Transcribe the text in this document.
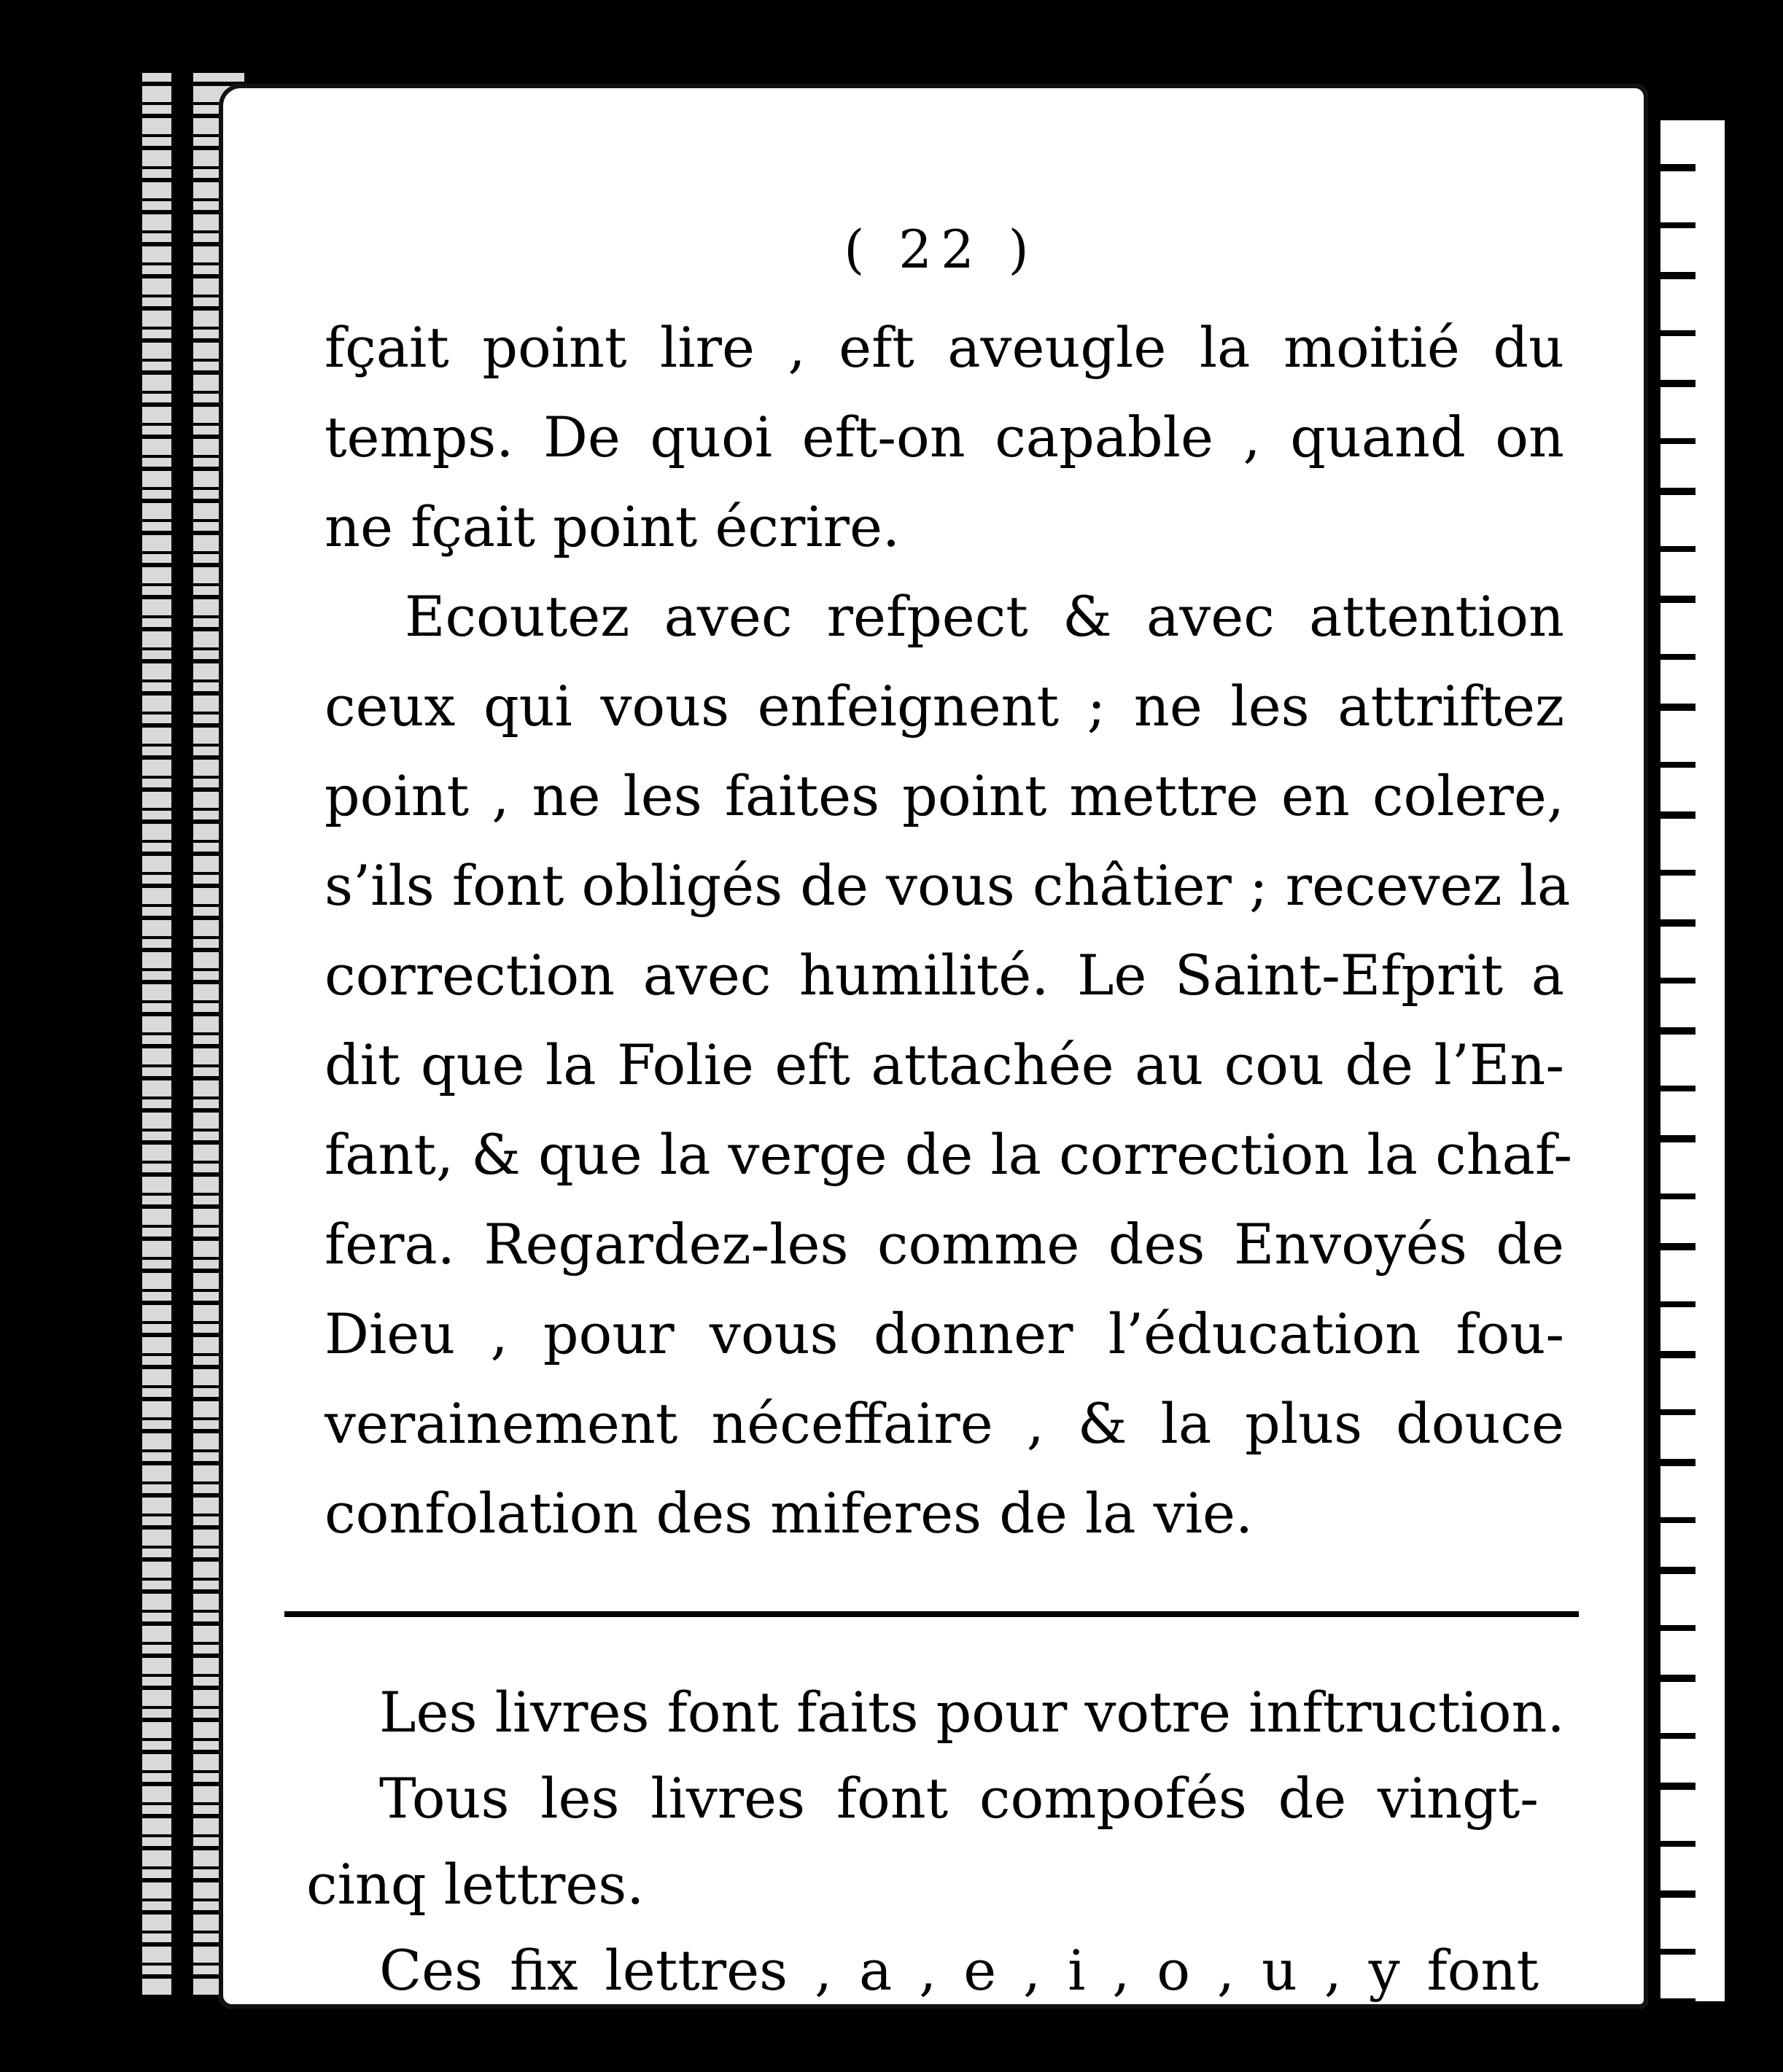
( 22 )
fçait point lire , eft aveugle la moitié du
temps. De quoi eft-on capable , quand on
ne fçait point écrire.
Ecoutez avec refpect & avec attention
ceux qui vous enfeignent ; ne les attriftez
point , ne les faites point mettre en colere,
s’ils font obligés de vous châtier ; recevez la
correction avec humilité. Le Saint-Efprit a
dit que la Folie eft attachée au cou de l’En-
fant, & que la verge de la correction la chaf-
fera. Regardez-les comme des Envoyés de
Dieu , pour vous donner l’éducation fou-
verainement néceffaire , & la plus douce
confolation des miferes de la vie.
Les livres font faits pour votre inftruction.
Tous les livres font compofés de vingt-
cinq lettres.
Ces fix lettres , a , e , i , o , u , y font
